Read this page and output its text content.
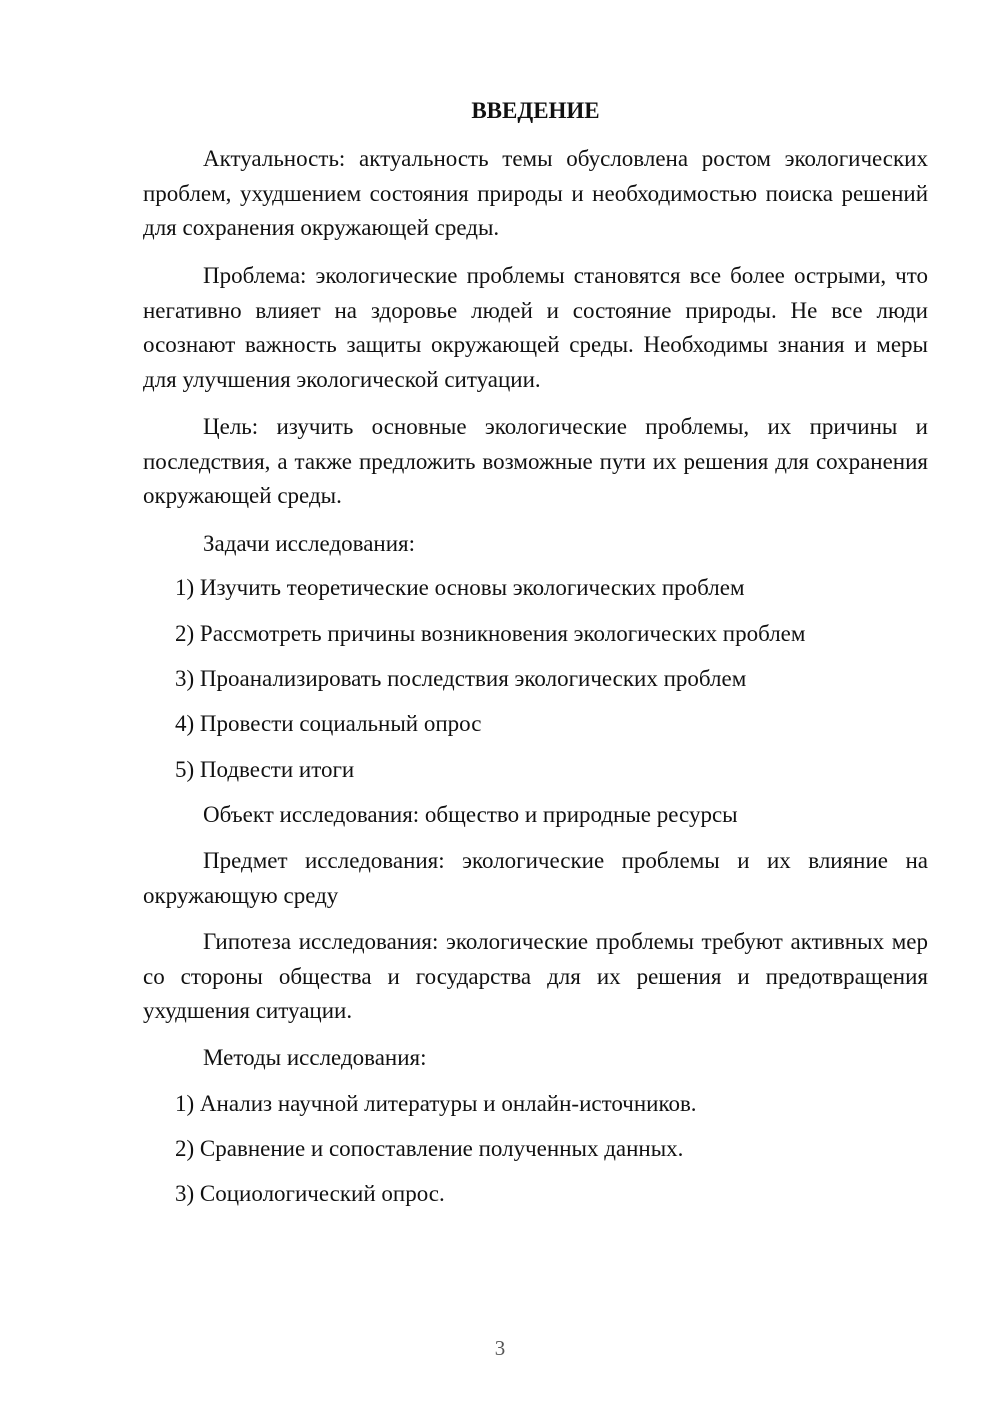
ВВЕДЕНИЕ
Актуальность: актуальность темы обусловлена ростом экологических проблем, ухудшением состояния природы и необходимостью поиска решений для сохранения окружающей среды.
Проблема: экологические проблемы становятся все более острыми, что негативно влияет на здоровье людей и состояние природы. Не все люди осознают важность защиты окружающей среды. Необходимы знания и меры для улучшения экологической ситуации.
Цель: изучить основные экологические проблемы, их причины и последствия, а также предложить возможные пути их решения для сохранения окружающей среды.
Задачи исследования:
1) Изучить теоретические основы экологических проблем
2) Рассмотреть причины возникновения экологических проблем
3) Проанализировать последствия экологических проблем
4) Провести социальный опрос
5) Подвести итоги
Объект исследования: общество и природные ресурсы
Предмет исследования: экологические проблемы и их влияние на окружающую среду
Гипотеза исследования: экологические проблемы требуют активных мер со стороны общества и государства для их решения и предотвращения ухудшения ситуации.
Методы исследования:
1) Анализ научной литературы и онлайн-источников.
2) Сравнение и сопоставление полученных данных.
3) Социологический опрос.
3
